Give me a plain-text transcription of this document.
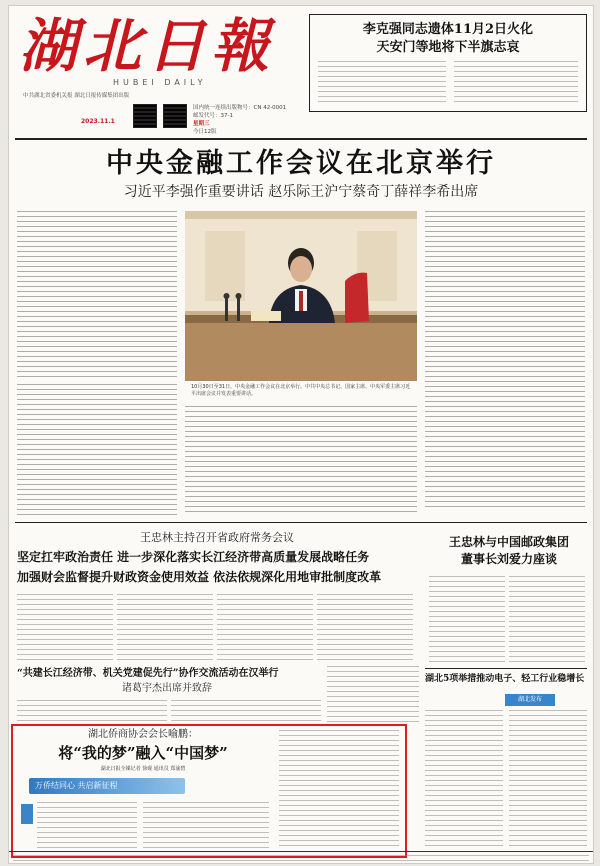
湖北日報
HUBEI DAILY
中共湖北省委机关报 湖北日报传媒集团出版
2023.11.1
国内统一连续出版物号：CN 42-0001
邮发代号：37-1
星期三
今日12版
李克强同志遗体11月2日火化
天安门等地将下半旗志哀
中央金融工作会议在北京举行
习近平李强作重要讲话 赵乐际王沪宁蔡奇丁薛祥李希出席
10月30日至31日，中央金融工作会议在北京举行。中共中央总书记、国家主席、中央军委主席习近平出席会议并发表重要讲话。
王忠林主持召开省政府常务会议
坚定扛牢政治责任 进一步深化落实长江经济带高质量发展战略任务
加强财会监督提升财政资金使用效益 依法依规深化用地审批制度改革
王忠林与中国邮政集团
董事长刘爱力座谈
“共建长江经济带、机关党建促先行”协作交流活动在汉举行
诸葛宇杰出席并致辞
湖北5项举措推动电子、轻工行业稳增长
湖北发布
湖北侨商协会会长喻鹏：
将“我的梦”融入“中国梦”
湖北日报全媒记者 徐砚 通讯员 郑渝碧
万侨结同心 共启新征程
